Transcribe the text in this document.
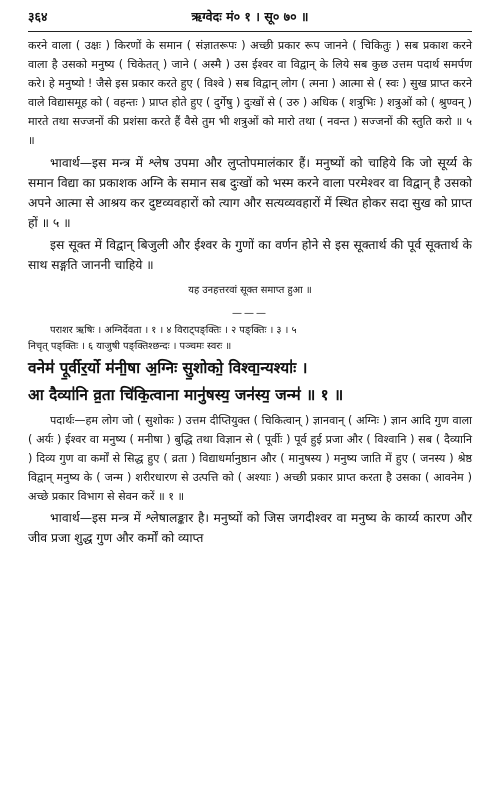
३६४	ऋग्वेदः मं० १ । सू० ७० ॥

करने वाला ( उक्षः ) किरणों के समान ( संज्ञातरूपः ) अच्छी प्रकार रूप जानने ( चिकितुः ) सब प्रकाश करने वाला है उसको मनुष्य ( चिकेतत् ) जाने ( अस्मै ) उस ईश्वर वा विद्वान् के लिये सब कुछ उत्तम पदार्थ समर्पण करे। हे मनुष्यो ! जैसे इस प्रकार करते हुए ( विश्वे ) सब विद्वान् लोग ( त्मना ) आत्मा से ( स्वः ) सुख प्राप्त करने वाले विद्यासमूह को ( वहन्तः ) प्राप्त होते हुए ( दुर्गेषु ) दुःखों से ( उरु ) अधिक ( शत्रुभिः ) शत्रुओं को ( श्रुण्वन् ) मारते तथा सज्जनों की प्रशंसा करते हैं वैसे तुम भी शत्रुओं को मारो तथा ( नवन्त ) सज्जनों की स्तुति करो ॥ ५ ॥

भावार्थ—इस मन्त्र में श्लेष उपमा और लुप्तोपमालंकार हैं। मनुष्यों को चाहिये कि जो सूर्य्य के समान विद्या का प्रकाशक अग्नि के समान सब दुःखों को भस्म करने वाला परमेश्वर वा विद्वान् है उसको अपने आत्मा से आश्रय कर दुष्टव्यवहारों को त्याग और सत्यव्यवहारों में स्थित होकर सदा सुख को प्राप्त हों ॥ ५ ॥

इस सूक्त में विद्वान् बिजुली और ईश्वर के गुणों का वर्णन होने से इस सूक्तार्थ की पूर्व सूक्तार्थ के साथ सङ्गति जाननी चाहिये ॥

यह उनहत्तरवां सूक्त समाप्त हुआ ॥

———

पराशर ऋषिः । अग्निर्देवता । १ । ४ विराट्पङ्क्तिः । २ पङ्क्तिः । ३ । ५

निचृत् पङ्क्तिः । ६ याजुषी पङ्क्तिश्छन्दः । पञ्चमः स्वरः ॥

वनेम॑ पू॒र्वीर॒र्यो म॑नी॒षा अ॒ग्निः सु॒शोको॒ विश्वा॒न्यश्याः॑ ।

आ दैव्या॑नि व्र॒ता चि॑कि॒त्वाना मानु॑षस्य॒ जन॑स्य॒ जन्म॑ ॥ १ ॥

पदार्थः—हम लोग जो ( सुशोकः ) उत्तम दीप्तियुक्त ( चिकित्वान् ) ज्ञानवान् ( अग्निः ) ज्ञान आदि गुण वाला ( अर्यः ) ईश्वर वा मनुष्य ( मनीषा ) बुद्धि तथा विज्ञान से ( पूर्वीः ) पूर्व हुई प्रजा और ( विश्वानि ) सब ( दैव्यानि ) दिव्य गुण वा कर्मों से सिद्ध हुए ( व्रता ) विद्याधर्मानुष्ठान और ( मानुषस्य ) मनुष्य जाति में हुए ( जनस्य ) श्रेष्ठ विद्वान् मनुष्य के ( जन्म ) शरीरधारण से उत्पत्ति को ( अश्याः ) अच्छी प्रकार प्राप्त करता है उसका ( आवनेम ) अच्छे प्रकार विभाग से सेवन करें ॥ १ ॥

भावार्थ—इस मन्त्र में श्लेषालङ्कार है। मनुष्यों को जिस जगदीश्वर वा मनुष्य के कार्य्य कारण और जीव प्रजा शुद्ध गुण और कर्मों को व्याप्त
